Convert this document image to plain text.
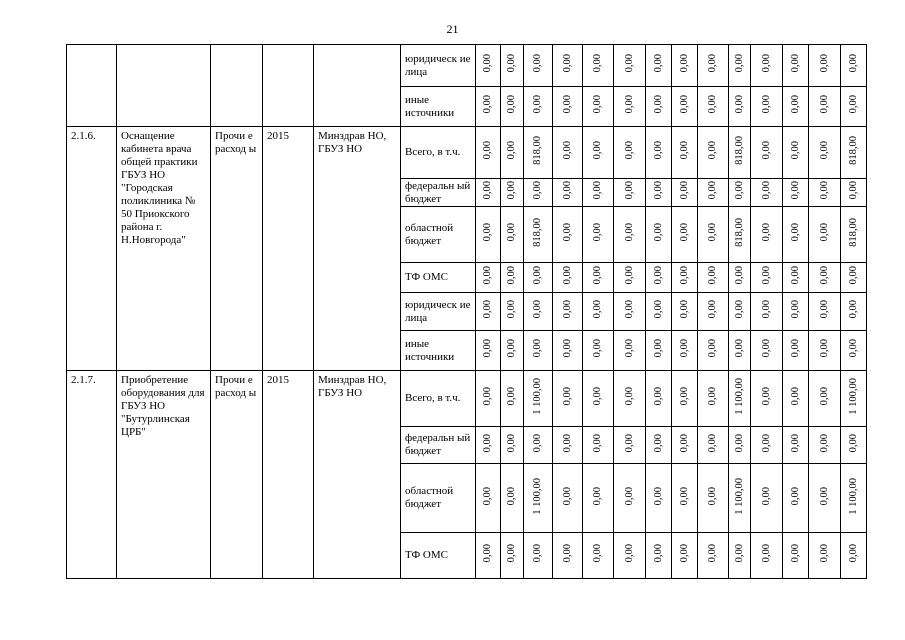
21
					юридическ ие лица	0,00	0,00	0,00	0,00	0,00	0,00	0,00	0,00	0,00	0,00	0,00	0,00	0,00	0,00
					иные источники	0,00	0,00	0,00	0,00	0,00	0,00	0,00	0,00	0,00	0,00	0,00	0,00	0,00	0,00
2.1.6.	Оснащение кабинета врача общей практики ГБУЗ НО "Городская поликлиника № 50 Приокского района г. Н.Новгорода"	Прочи е расход ы	2015	Минздрав НО, ГБУЗ НО	Всего, в т.ч.	0,00	0,00	818,00	0,00	0,00	0,00	0,00	0,00	0,00	818,00	0,00	0,00	0,00	818,00
					федеральн ый бюджет	0,00	0,00	0,00	0,00	0,00	0,00	0,00	0,00	0,00	0,00	0,00	0,00	0,00	0,00
					областной бюджет	0,00	0,00	818,00	0,00	0,00	0,00	0,00	0,00	0,00	818,00	0,00	0,00	0,00	818,00
					ТФ ОМС	0,00	0,00	0,00	0,00	0,00	0,00	0,00	0,00	0,00	0,00	0,00	0,00	0,00	0,00
					юридическ ие лица	0,00	0,00	0,00	0,00	0,00	0,00	0,00	0,00	0,00	0,00	0,00	0,00	0,00	0,00
					иные источники	0,00	0,00	0,00	0,00	0,00	0,00	0,00	0,00	0,00	0,00	0,00	0,00	0,00	0,00
2.1.7.	Приобретение оборудования для ГБУЗ НО "Бутурлинская ЦРБ"	Прочи е расход ы	2015	Минздрав НО, ГБУЗ НО	Всего, в т.ч.	0,00	0,00	1 100,00	0,00	0,00	0,00	0,00	0,00	0,00	1 100,00	0,00	0,00	0,00	1 100,00
					федеральн ый бюджет	0,00	0,00	0,00	0,00	0,00	0,00	0,00	0,00	0,00	0,00	0,00	0,00	0,00	0,00
					областной бюджет	0,00	0,00	1 100,00	0,00	0,00	0,00	0,00	0,00	0,00	1 100,00	0,00	0,00	0,00	1 100,00
					ТФ ОМС	0,00	0,00	0,00	0,00	0,00	0,00	0,00	0,00	0,00	0,00	0,00	0,00	0,00	0,00
